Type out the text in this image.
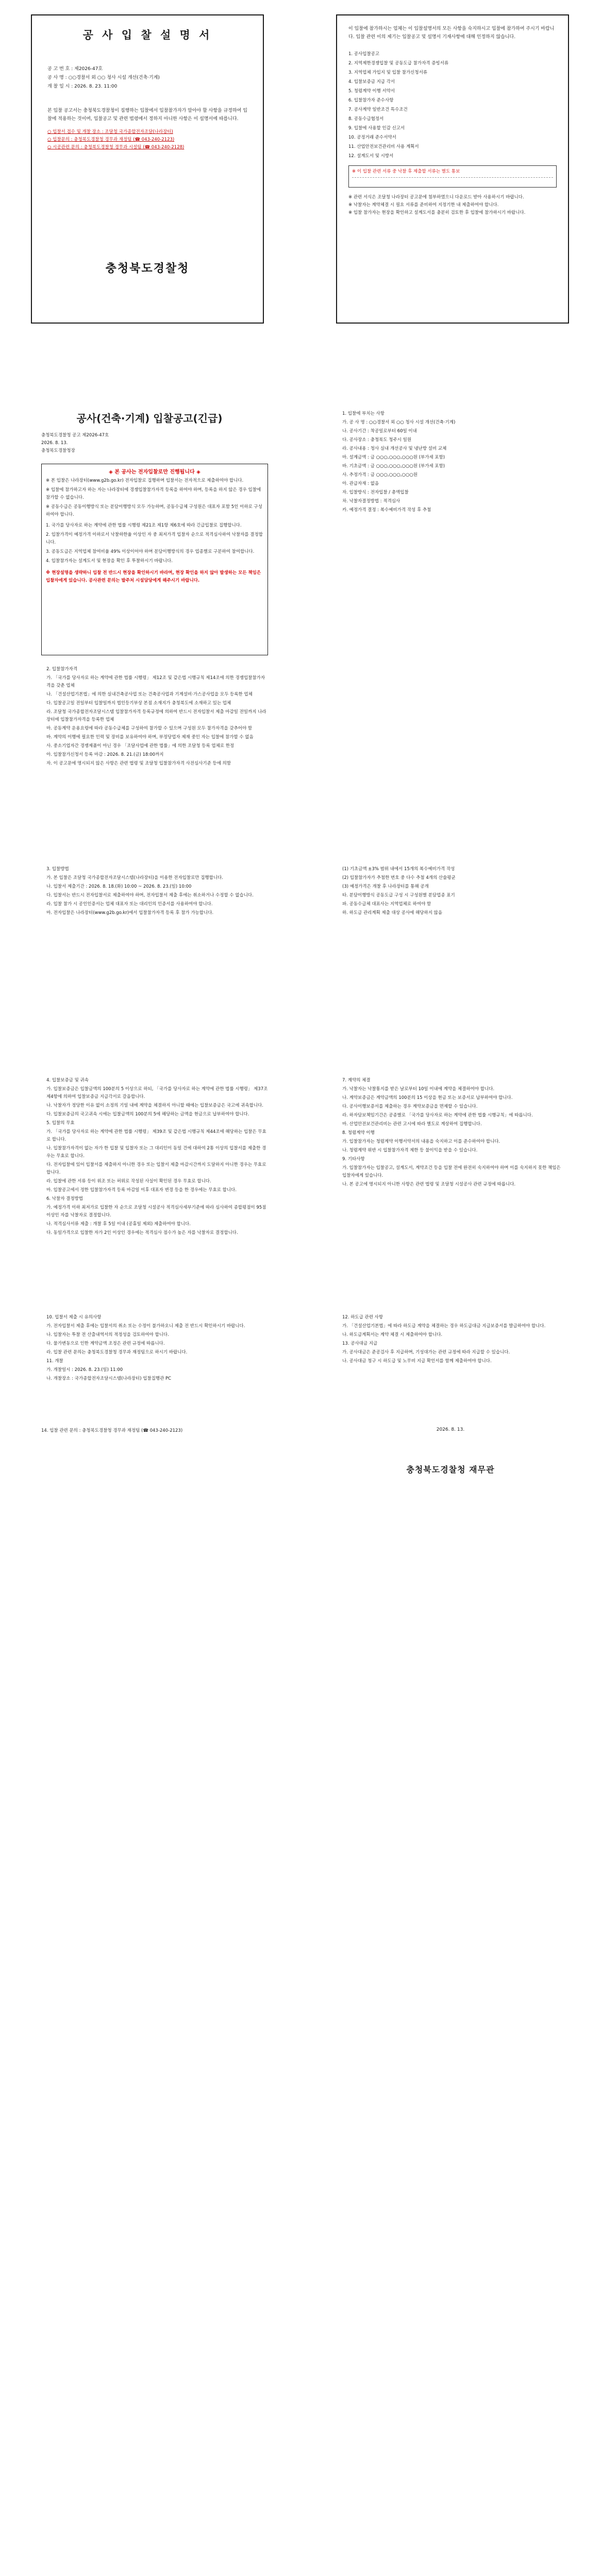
공 사 입 찰 설 명 서
공 고 번 호 : 제2026-47호
공 사 명 : ○○경찰서 외 ○○ 청사 시설 개선(건축·기계)
개 찰 일 시 : 2026. 8. 23. 11:00

본 입찰 공고서는 충청북도경찰청이 집행하는 입찰에서 입찰참가자가 알아야 할 사항을 규정하여 입찰에 적용하는 것이며, 입찰공고 및 관련 법령에서 정하지 아니한 사항은 이 설명서에 따릅니다.

○ 입찰서 접수 및 개찰 장소 : 조달청 국가종합전자조달(나라장터)
○ 입찰문의 : 충청북도경찰청 경무과 재정팀 (☎ 043-240-2123)
○ 시공관련 문의 : 충청북도경찰청 경무과 시설팀 (☎ 043-240-2128)
충청북도경찰청

이 입찰에 참가하시는 업체는 이 입찰설명서의 모든 사항을 숙지하시고 입찰에 참가하여 주시기 바랍니다. 입찰 관련 이의 제기는 입찰공고 및 설명서 기재사항에 대해 인정하지 않습니다.

1. 공사입찰공고

2. 지역제한경쟁입찰 및 공동도급 참가자격 증빙서류

3. 지역업체 가입지 및 입찰 참가신청서류

4. 입찰보증금 지급 각서

5. 청렴계약 이행 서약서

6. 입찰참가자 준수사항

7. 공사계약 일반조건 특수조건

8. 공동수급협정서

9. 입찰에 사용할 인감 신고서

10. 공정거래 준수서약서

11. 산업안전보건관리비 사용 계획서

12. 설계도서 및 시방서

※ 이 입찰 관련 서류 중 낙찰 후 제출할 서류는 별도 통보

※ 관련 서식은 조달청 나라장터 공고문에 첨부하였으니 다운로드 받아 사용하시기 바랍니다.

※ 낙찰자는 계약체결 시 필요 서류를 준비하여 지정기한 내 제출하여야 합니다.

※ 입찰 참가자는 현장을 확인하고 설계도서를 충분히 검토한 후 입찰에 참가하시기 바랍니다.

공사(건축·기계) 입찰공고(긴급)
충청북도경찰청 공고 제2026-47호
2026. 8. 13.
충청북도경찰청장
◈ 본 공사는 전자입찰로만 진행됩니다 ◈

※ 본 입찰은 나라장터(www.g2b.go.kr) 전자입찰로 집행하며 입찰서는 전자적으로 제출하여야 합니다.

※ 입찰에 참가하고자 하는 자는 나라장터에 경쟁입찰참가자격 등록을 하여야 하며, 등록을 하지 않은 경우 입찰에 참가할 수 없습니다.

※ 공동수급은 공동이행방식 또는 분담이행방식 모두 가능하며, 공동수급체 구성원은 대표자 포함 5인 이하로 구성하여야 합니다.

1. 국가를 당사자로 하는 계약에 관한 법률 시행령 제21조 제1항 제6호에 따라 긴급입찰로 집행합니다.

2. 입찰가격이 예정가격 이하로서 낙찰하한율 이상인 자 중 최저가격 입찰자 순으로 적격심사하여 낙찰자를 결정합니다.

3. 공동도급은 지역업체 참여비율 49% 이상이어야 하며 분담이행방식의 경우 업종별로 구분하여 참여합니다.

4. 입찰참가자는 설계도서 및 현장을 확인 후 투찰하시기 바랍니다.

※ 현장설명을 생략하니 입찰 전 반드시 현장을 확인하시기 바라며, 현장 확인을 하지 않아 발생하는 모든 책임은 입찰자에게 있습니다. 공사관련 문의는 발주처 시설담당에게 해주시기 바랍니다.

2. 입찰참가자격

가. 「국가를 당사자로 하는 계약에 관한 법률 시행령」 제12조 및 같은법 시행규칙 제14조에 의한 경쟁입찰참가자격을 갖춘 업체

나. 「건설산업기본법」에 의한 실내건축공사업 또는 건축공사업과 기계설비·가스공사업을 모두 등록한 업체

다. 입찰공고일 전일부터 입찰일까지 법인등기부상 본점 소재지가 충청북도에 소재하고 있는 업체

라. 조달청 국가종합전자조달시스템 입찰참가자격 등록규정에 의하여 반드시 전자입찰서 제출 마감일 전일까지 나라장터에 입찰참가자격을 등록한 업체

마. 공동계약 운용요령에 따라 공동수급체를 구성하여 참가할 수 있으며 구성원 모두 참가자격을 갖추어야 함

바. 계약의 이행에 필요한 인력 및 장비를 보유하여야 하며, 부정당업자 제재 중인 자는 입찰에 참가할 수 없음

사. 중소기업자간 경쟁제품이 아닌 경우 「조달사업에 관한 법률」에 의한 조달청 등록 업체로 한정

아. 입찰참가신청서 등록 마감 : 2026. 8. 21.(금) 18:00까지

자. 이 공고문에 명시되지 않은 사항은 관련 법령 및 조달청 입찰참가자격 사전심사기준 등에 의함

1. 입찰에 부치는 사항

가. 공 사 명 : ○○경찰서 외 ○○ 청사 시설 개선(건축·기계)

나. 공사기간 : 착공일로부터 60일 이내

다. 공사장소 : 충청북도 청주시 일원

라. 공사내용 : 청사 실내 개선공사 및 냉난방 설비 교체

마. 설계금액 : 금 ○○○,○○○,○○○원 (부가세 포함)

바. 기초금액 : 금 ○○○,○○○,○○○원 (부가세 포함)

사. 추정가격 : 금 ○○○,○○○,○○○원

아. 관급자재 : 없음

자. 입찰방식 : 전자입찰 / 총액입찰

차. 낙찰자결정방법 : 적격심사

카. 예정가격 결정 : 복수예비가격 작성 후 추첨

3. 입찰방법

가. 본 입찰은 조달청 국가종합전자조달시스템(나라장터)을 이용한 전자입찰로만 집행합니다.

나. 입찰서 제출기간 : 2026. 8. 18.(화) 10:00 ~ 2026. 8. 23.(일) 10:00

다. 입찰서는 반드시 전자입찰서로 제출하여야 하며, 전자입찰서 제출 후에는 취소하거나 수정할 수 없습니다.

라. 입찰 참가 시 공인인증서는 업체 대표자 또는 대리인의 인증서를 사용하여야 합니다.

마. 전자입찰은 나라장터(www.g2b.go.kr)에서 입찰참가자격 등록 후 참가 가능합니다.

(1) 기초금액 ±3% 범위 내에서 15개의 복수예비가격 작성

(2) 입찰참가자가 추첨한 번호 중 다수 추첨 4개의 산술평균

(3) 예정가격은 개찰 후 나라장터를 통해 공개

타. 분담이행방식 공동도급 구성 시 구성원별 분담업종 표기

파. 공동수급체 대표사는 지역업체로 하여야 함

하. 하도급 관리계획 제출 대상 공사에 해당하지 않음

4. 입찰보증금 및 귀속

가. 입찰보증금은 입찰금액의 100분의 5 이상으로 하되, 「국가를 당사자로 하는 계약에 관한 법률 시행령」 제37조 제4항에 의하여 입찰보증금 지급각서로 갈음합니다.

나. 낙찰자가 정당한 이유 없이 소정의 기일 내에 계약을 체결하지 아니할 때에는 입찰보증금은 국고에 귀속합니다.

다. 입찰보증금의 국고귀속 시에는 입찰금액의 100분의 5에 해당하는 금액을 현금으로 납부하여야 합니다.

5. 입찰의 무효

가. 「국가를 당사자로 하는 계약에 관한 법률 시행령」 제39조 및 같은법 시행규칙 제44조에 해당하는 입찰은 무효로 합니다.

나. 입찰참가자격이 없는 자가 한 입찰 및 입찰자 또는 그 대리인이 동일 건에 대하여 2통 이상의 입찰서를 제출한 경우는 무효로 합니다.

다. 전자입찰에 있어 입찰서를 제출하지 아니한 경우 또는 입찰서 제출 마감시간까지 도달하지 아니한 경우는 무효로 합니다.

라. 입찰에 관한 서류 등이 위조 또는 허위로 작성된 사실이 확인된 경우 무효로 합니다.

마. 입찰공고에서 정한 입찰참가자격 등록 마감일 이후 대표자 변경 등을 한 경우에는 무효로 합니다.

6. 낙찰자 결정방법

가. 예정가격 이하 최저가로 입찰한 자 순으로 조달청 시설공사 적격심사세부기준에 따라 심사하여 종합평점이 95점 이상인 자를 낙찰자로 결정합니다.

나. 적격심사서류 제출 : 개찰 후 5일 이내 (공휴일 제외) 제출하여야 합니다.

다. 동일가격으로 입찰한 자가 2인 이상인 경우에는 적격심사 점수가 높은 자를 낙찰자로 결정합니다.

7. 계약의 체결

가. 낙찰자는 낙찰통지를 받은 날로부터 10일 이내에 계약을 체결하여야 합니다.

나. 계약보증금은 계약금액의 100분의 15 이상을 현금 또는 보증서로 납부하여야 합니다.

다. 공사이행보증서를 제출하는 경우 계약보증금을 면제할 수 있습니다.

라. 하자담보책임기간은 공종별로 「국가를 당사자로 하는 계약에 관한 법률 시행규칙」에 따릅니다.

마. 산업안전보건관리비는 관련 고시에 따라 별도로 계상하여 집행합니다.

8. 청렴계약 이행

가. 입찰참가자는 청렴계약 이행서약서의 내용을 숙지하고 이를 준수하여야 합니다.

나. 청렴계약 위반 시 입찰참가자격 제한 등 불이익을 받을 수 있습니다.

9. 기타사항

가. 입찰참가자는 입찰공고, 설계도서, 계약조건 등을 입찰 전에 완전히 숙지하여야 하며 이를 숙지하지 못한 책임은 입찰자에게 있습니다.

나. 본 공고에 명시되지 아니한 사항은 관련 법령 및 조달청 시설공사 관련 규정에 따릅니다.

10. 입찰서 제출 시 유의사항

가. 전자입찰서 제출 후에는 입찰서의 취소 또는 수정이 불가하오니 제출 전 반드시 확인하시기 바랍니다.

나. 입찰자는 투찰 전 산출내역서의 적정성을 검토하여야 합니다.

다. 물가변동으로 인한 계약금액 조정은 관련 규정에 따릅니다.

라. 입찰 관련 문의는 충청북도경찰청 경무과 재정팀으로 하시기 바랍니다.

11. 개찰

가. 개찰일시 : 2026. 8. 23.(일) 11:00

나. 개찰장소 : 국가종합전자조달시스템(나라장터) 입찰집행관 PC

12. 하도급 관련 사항

가. 「건설산업기본법」에 따라 하도급 계약을 체결하는 경우 하도급대금 지급보증서를 발급하여야 합니다.

나. 하도급계획서는 계약 체결 시 제출하여야 합니다.

13. 공사대금 지급

가. 공사대금은 준공검사 후 지급하며, 기성대가는 관련 규정에 따라 지급할 수 있습니다.

나. 공사대금 청구 시 하도급 및 노무비 지급 확인서를 함께 제출하여야 합니다.

14. 입찰 관련 문의 : 충청북도경찰청 경무과 재정팀 (☎ 043-240-2123)	2026. 8. 13.
충청북도경찰청 재무관
